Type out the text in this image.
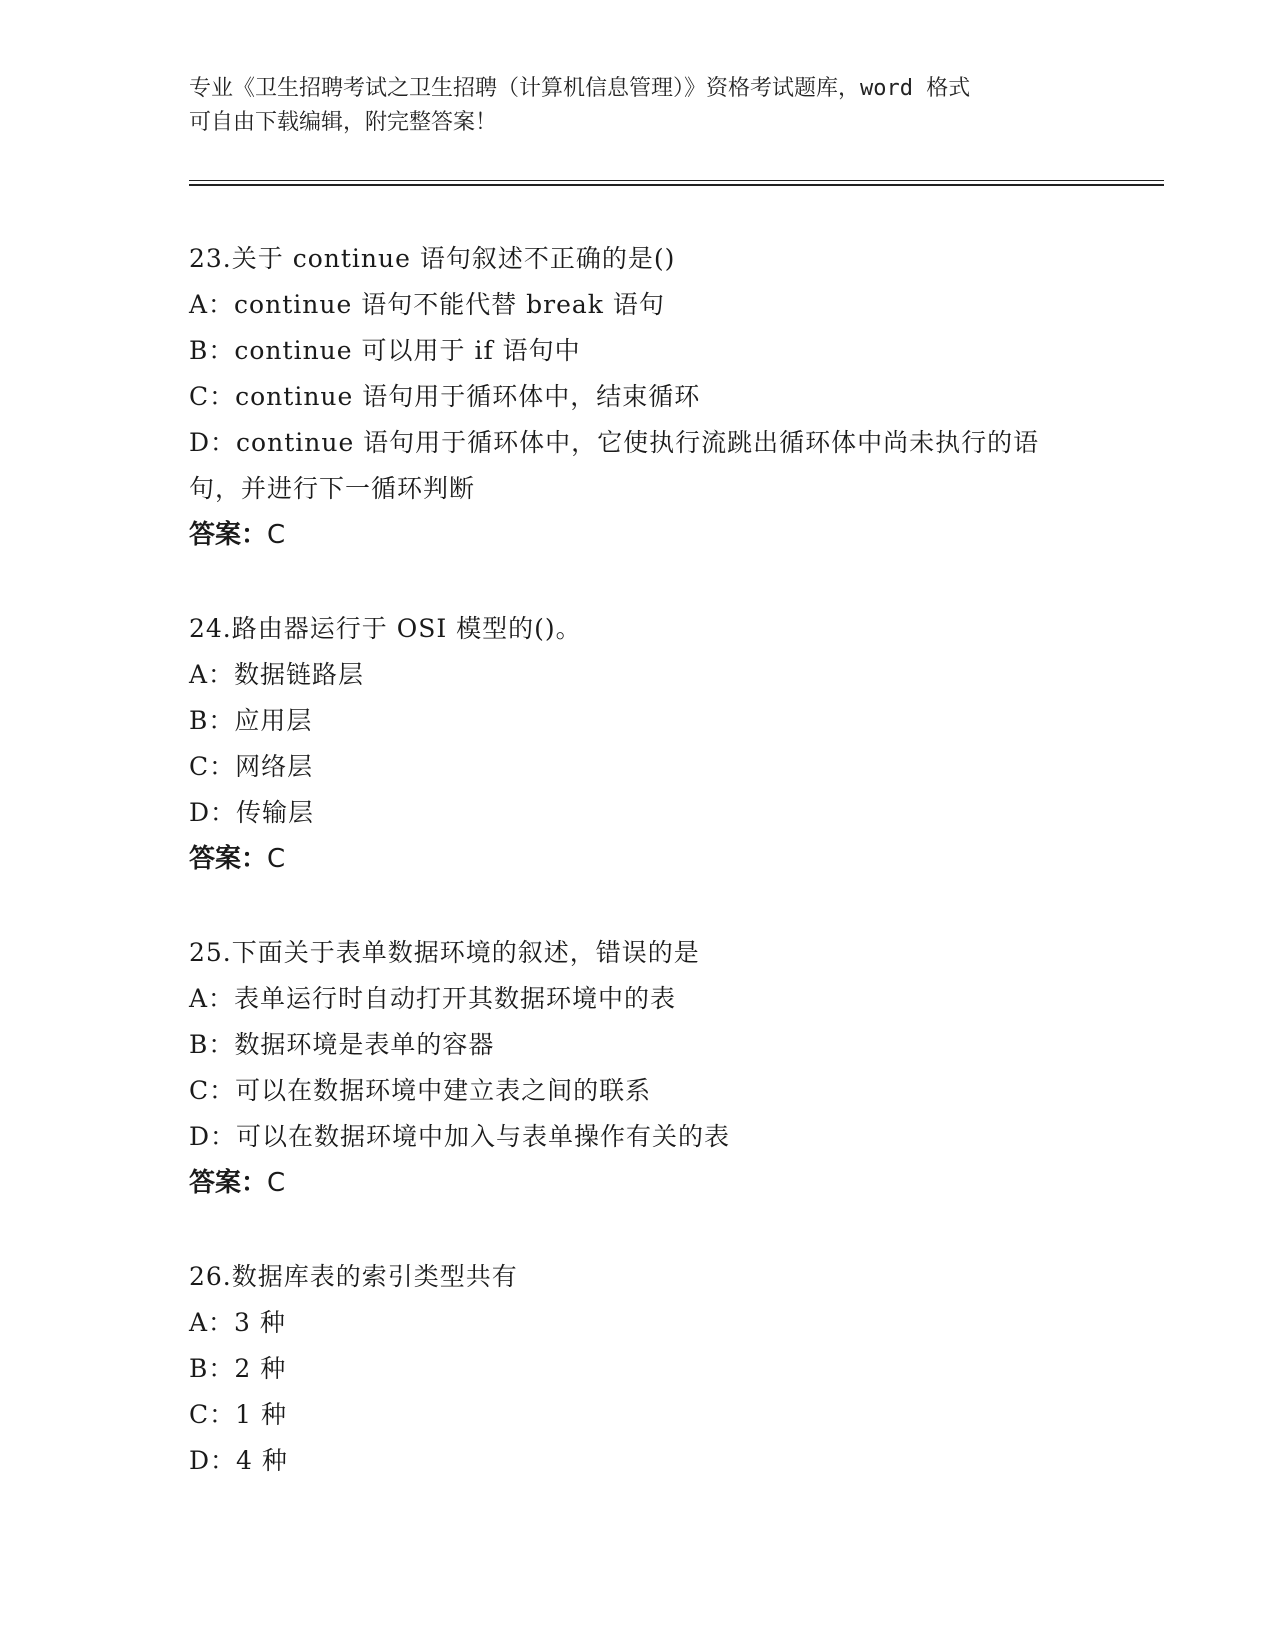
专业《卫生招聘考试之卫生招聘（计算机信息管理）》资格考试题库，word 格式
可自由下载编辑，附完整答案！
23.关于 continue 语句叙述不正确的是()
A：continue 语句不能代替 break 语句
B：continue 可以用于 if 语句中
C：continue 语句用于循环体中，结束循环
D：continue 语句用于循环体中，它使执行流跳出循环体中尚未执行的语句，并进行下一循环判断
答案：C
24.路由器运行于 OSI 模型的()。
A：数据链路层
B：应用层
C：网络层
D：传输层
答案：C
25.下面关于表单数据环境的叙述，错误的是
A：表单运行时自动打开其数据环境中的表
B：数据环境是表单的容器
C：可以在数据环境中建立表之间的联系
D：可以在数据环境中加入与表单操作有关的表
答案：C
26.数据库表的索引类型共有
A：3 种
B：2 种
C：1 种
D：4 种
